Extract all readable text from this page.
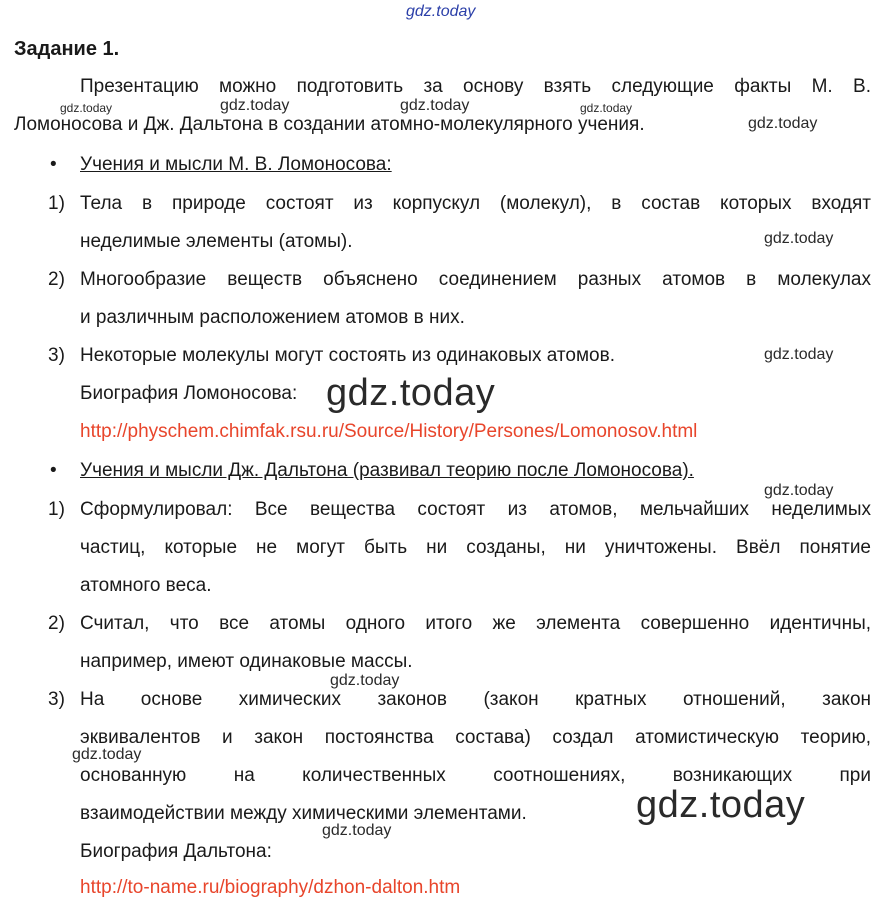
gdz.today
gdz.today	gdz.today	gdz.today	gdz.today
gdz.today
gdz.today
gdz.today
gdz.today
gdz.today
gdz.today
gdz.today
gdz.today
gdz.today
Задание 1.
Презентацию можно подготовить за основу взять следующие факты М. В.
Ломоносова и Дж. Дальтона в создании атомно-молекулярного учения.
• Учения и мысли М. В. Ломоносова:
1) Тела в природе состоят из корпускул (молекул), в состав которых входят
неделимые элементы (атомы).
2) Многообразие веществ объяснено соединением разных атомов в молекулах
и различным расположением атомов в них.
3) Некоторые молекулы могут состоять из одинаковых атомов.
Биография Ломоносова:
http://physchem.chimfak.rsu.ru/Source/History/Persones/Lomonosov.html
• Учения и мысли Дж. Дальтона (развивал теорию после Ломоносова).
1) Сформулировал: Все вещества состоят из атомов, мельчайших неделимых
частиц, которые не могут быть ни созданы, ни уничтожены. Ввёл понятие
атомного веса.
2) Считал, что все атомы одного итого же элемента совершенно идентичны,
например, имеют одинаковые массы.
3) На основе химических законов (закон кратных отношений, закон
эквивалентов и закон постоянства состава) создал атомистическую теорию,
основанную на количественных соотношениях, возникающих при
взаимодействии между химическими элементами.
Биография Дальтона:
http://to-name.ru/biography/dzhon-dalton.htm
